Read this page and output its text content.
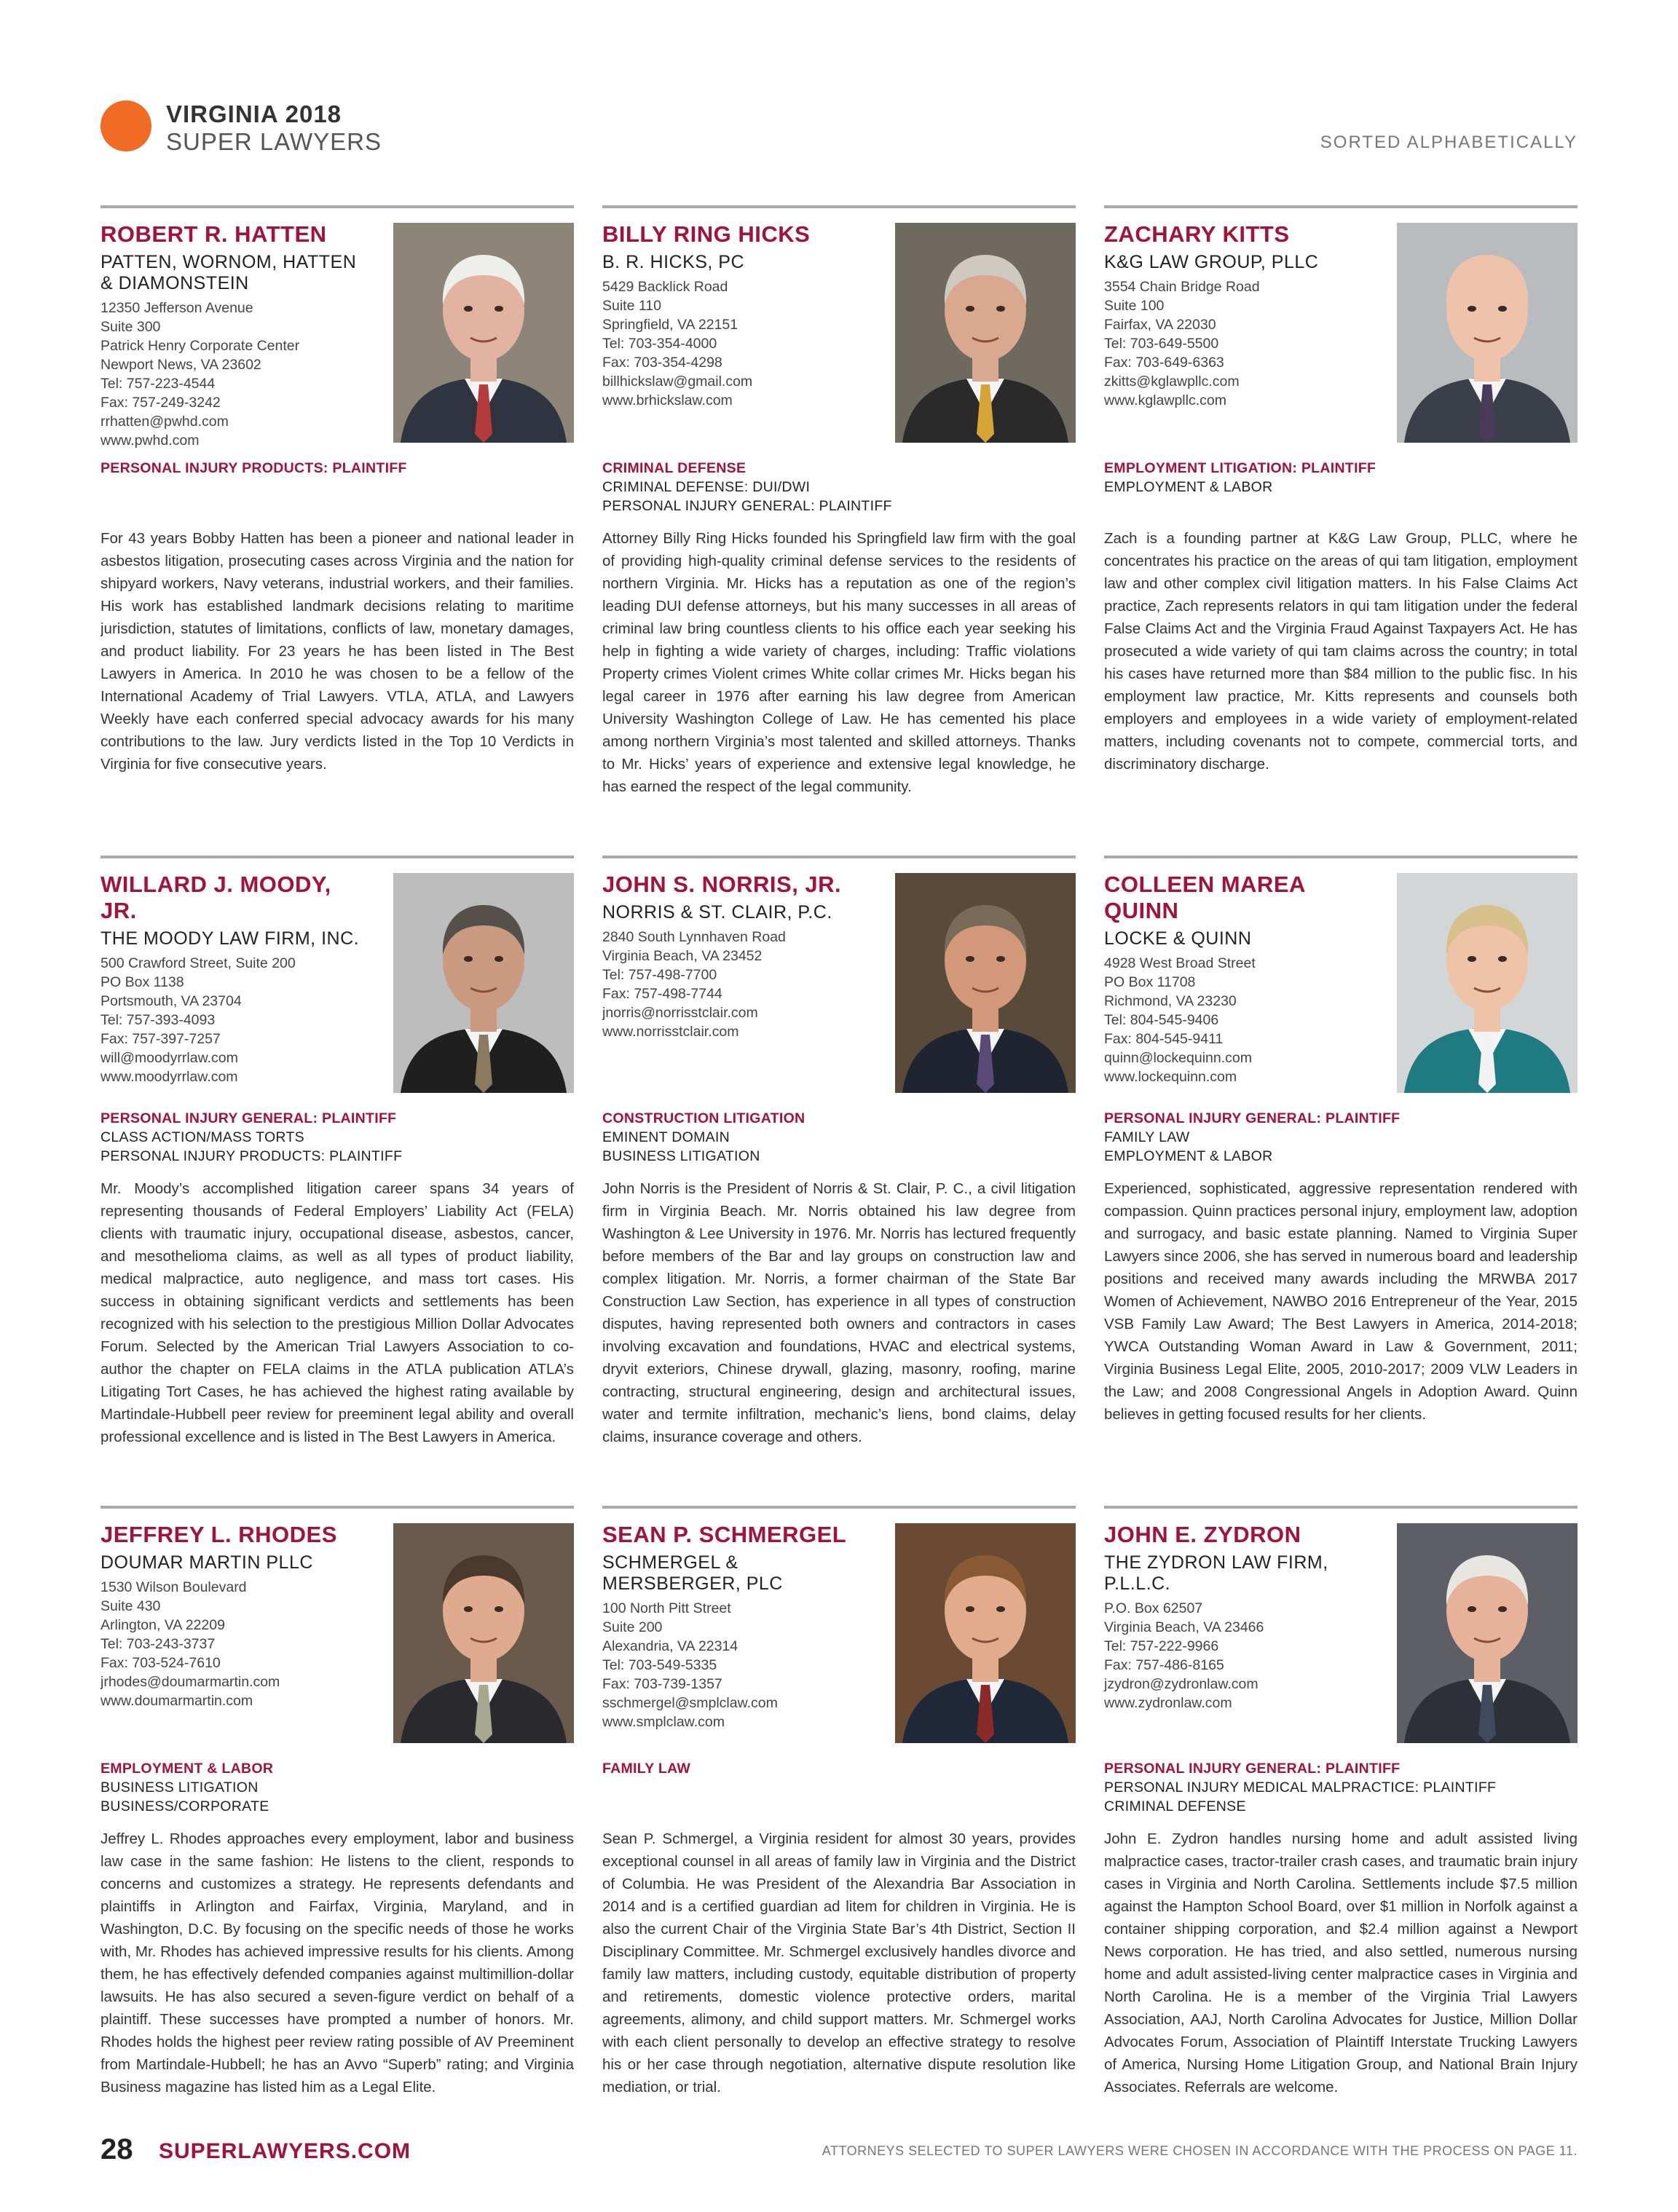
VIRGINIA 2018
SUPER LAWYERS	SORTED ALPHABETICALLY
ROBERT R. HATTEN
PATTEN, WORNOM, HATTEN & DIAMONSTEIN
12350 Jefferson Avenue
Suite 300
Patrick Henry Corporate Center
Newport News, VA 23602
Tel: 757-223-4544
Fax: 757-249-3242
rrhatten@pwhd.com
www.pwhd.com
PERSONAL INJURY PRODUCTS: PLAINTIFF
For 43 years Bobby Hatten has been a pioneer and national leader in asbestos litigation, prosecuting cases across Virginia and the nation for shipyard workers, Navy veterans, industrial workers, and their families. His work has established landmark decisions relating to maritime jurisdiction, statutes of limitations, conflicts of law, monetary damages, and product liability. For 23 years he has been listed in The Best Lawyers in America. In 2010 he was chosen to be a fellow of the International Academy of Trial Lawyers. VTLA, ATLA, and Lawyers Weekly have each conferred special advocacy awards for his many contributions to the law. Jury verdicts listed in the Top 10 Verdicts in Virginia for five consecutive years.
BILLY RING HICKS
B. R. HICKS, PC
5429 Backlick Road
Suite 110
Springfield, VA 22151
Tel: 703-354-4000
Fax: 703-354-4298
billhickslaw@gmail.com
www.brhickslaw.com
CRIMINAL DEFENSE
CRIMINAL DEFENSE: DUI/DWI
PERSONAL INJURY GENERAL: PLAINTIFF
Attorney Billy Ring Hicks founded his Springfield law firm with the goal of providing high-quality criminal defense services to the residents of northern Virginia. Mr. Hicks has a reputation as one of the region’s leading DUI defense attorneys, but his many successes in all areas of criminal law bring countless clients to his office each year seeking his help in fighting a wide variety of charges, including: Traffic violations Property crimes Violent crimes White collar crimes Mr. Hicks began his legal career in 1976 after earning his law degree from American University Washington College of Law. He has cemented his place among northern Virginia’s most talented and skilled attorneys. Thanks to Mr. Hicks’ years of experience and extensive legal knowledge, he has earned the respect of the legal community.
ZACHARY KITTS
K&G LAW GROUP, PLLC
3554 Chain Bridge Road
Suite 100
Fairfax, VA 22030
Tel: 703-649-5500
Fax: 703-649-6363
zkitts@kglawpllc.com
www.kglawpllc.com
EMPLOYMENT LITIGATION: PLAINTIFF
EMPLOYMENT & LABOR
Zach is a founding partner at K&G Law Group, PLLC, where he concentrates his practice on the areas of qui tam litigation, employment law and other complex civil litigation matters. In his False Claims Act practice, Zach represents relators in qui tam litigation under the federal False Claims Act and the Virginia Fraud Against Taxpayers Act. He has prosecuted a wide variety of qui tam claims across the country; in total his cases have returned more than $84 million to the public fisc. In his employment law practice, Mr. Kitts represents and counsels both employers and employees in a wide variety of employment-related matters, including covenants not to compete, commercial torts, and discriminatory discharge.
WILLARD J. MOODY, JR.
THE MOODY LAW FIRM, INC.
500 Crawford Street, Suite 200
PO Box 1138
Portsmouth, VA 23704
Tel: 757-393-4093
Fax: 757-397-7257
will@moodyrrlaw.com
www.moodyrrlaw.com
PERSONAL INJURY GENERAL: PLAINTIFF
CLASS ACTION/MASS TORTS
PERSONAL INJURY PRODUCTS: PLAINTIFF
Mr. Moody’s accomplished litigation career spans 34 years of representing thousands of Federal Employers’ Liability Act (FELA) clients with traumatic injury, occupational disease, asbestos, cancer, and mesothelioma claims, as well as all types of product liability, medical malpractice, auto negligence, and mass tort cases. His success in obtaining significant verdicts and settlements has been recognized with his selection to the prestigious Million Dollar Advocates Forum. Selected by the American Trial Lawyers Association to co-author the chapter on FELA claims in the ATLA publication ATLA’s Litigating Tort Cases, he has achieved the highest rating available by Martindale-Hubbell peer review for preeminent legal ability and overall professional excellence and is listed in The Best Lawyers in America.
JOHN S. NORRIS, JR.
NORRIS & ST. CLAIR, P.C.
2840 South Lynnhaven Road
Virginia Beach, VA 23452
Tel: 757-498-7700
Fax: 757-498-7744
jnorris@norrisstclair.com
www.norrisstclair.com
CONSTRUCTION LITIGATION
EMINENT DOMAIN
BUSINESS LITIGATION
John Norris is the President of Norris & St. Clair, P. C., a civil litigation firm in Virginia Beach. Mr. Norris obtained his law degree from Washington & Lee University in 1976. Mr. Norris has lectured frequently before members of the Bar and lay groups on construction law and complex litigation. Mr. Norris, a former chairman of the State Bar Construction Law Section, has experience in all types of construction disputes, having represented both owners and contractors in cases involving excavation and foundations, HVAC and electrical systems, dryvit exteriors, Chinese drywall, glazing, masonry, roofing, marine contracting, structural engineering, design and architectural issues, water and termite infiltration, mechanic’s liens, bond claims, delay claims, insurance coverage and others.
COLLEEN MAREA QUINN
LOCKE & QUINN
4928 West Broad Street
PO Box 11708
Richmond, VA 23230
Tel: 804-545-9406
Fax: 804-545-9411
quinn@lockequinn.com
www.lockequinn.com
PERSONAL INJURY GENERAL: PLAINTIFF
FAMILY LAW
EMPLOYMENT & LABOR
Experienced, sophisticated, aggressive representation rendered with compassion. Quinn practices personal injury, employment law, adoption and surrogacy, and basic estate planning. Named to Virginia Super Lawyers since 2006, she has served in numerous board and leadership positions and received many awards including the MRWBA 2017 Women of Achievement, NAWBO 2016 Entrepreneur of the Year, 2015 VSB Family Law Award; The Best Lawyers in America, 2014-2018; YWCA Outstanding Woman Award in Law & Government, 2011; Virginia Business Legal Elite, 2005, 2010-2017; 2009 VLW Leaders in the Law; and 2008 Congressional Angels in Adoption Award. Quinn believes in getting focused results for her clients.
JEFFREY L. RHODES
DOUMAR MARTIN PLLC
1530 Wilson Boulevard
Suite 430
Arlington, VA 22209
Tel: 703-243-3737
Fax: 703-524-7610
jrhodes@doumarmartin.com
www.doumarmartin.com
EMPLOYMENT & LABOR
BUSINESS LITIGATION
BUSINESS/CORPORATE
Jeffrey L. Rhodes approaches every employment, labor and business law case in the same fashion: He listens to the client, responds to concerns and customizes a strategy. He represents defendants and plaintiffs in Arlington and Fairfax, Virginia, Maryland, and in Washington, D.C. By focusing on the specific needs of those he works with, Mr. Rhodes has achieved impressive results for his clients. Among them, he has effectively defended companies against multimillion-dollar lawsuits. He has also secured a seven-figure verdict on behalf of a plaintiff. These successes have prompted a number of honors. Mr. Rhodes holds the highest peer review rating possible of AV Preeminent from Martindale-Hubbell; he has an Avvo “Superb” rating; and Virginia Business magazine has listed him as a Legal Elite.
SEAN P. SCHMERGEL
SCHMERGEL & MERSBERGER, PLC
100 North Pitt Street
Suite 200
Alexandria, VA 22314
Tel: 703-549-5335
Fax: 703-739-1357
sschmergel@smplclaw.com
www.smplclaw.com
FAMILY LAW
Sean P. Schmergel, a Virginia resident for almost 30 years, provides exceptional counsel in all areas of family law in Virginia and the District of Columbia. He was President of the Alexandria Bar Association in 2014 and is a certified guardian ad litem for children in Virginia. He is also the current Chair of the Virginia State Bar’s 4th District, Section II Disciplinary Committee. Mr. Schmergel exclusively handles divorce and family law matters, including custody, equitable distribution of property and retirements, domestic violence protective orders, marital agreements, alimony, and child support matters. Mr. Schmergel works with each client personally to develop an effective strategy to resolve his or her case through negotiation, alternative dispute resolution like mediation, or trial.
JOHN E. ZYDRON
THE ZYDRON LAW FIRM, P.L.L.C.
P.O. Box 62507
Virginia Beach, VA 23466
Tel: 757-222-9966
Fax: 757-486-8165
jzydron@zydronlaw.com
www.zydronlaw.com
PERSONAL INJURY GENERAL: PLAINTIFF
PERSONAL INJURY MEDICAL MALPRACTICE: PLAINTIFF
CRIMINAL DEFENSE
John E. Zydron handles nursing home and adult assisted living malpractice cases, tractor-trailer crash cases, and traumatic brain injury cases in Virginia and North Carolina. Settlements include $7.5 million against the Hampton School Board, over $1 million in Norfolk against a container shipping corporation, and $2.4 million against a Newport News corporation. He has tried, and also settled, numerous nursing home and adult assisted-living center malpractice cases in Virginia and North Carolina. He is a member of the Virginia Trial Lawyers Association, AAJ, North Carolina Advocates for Justice, Million Dollar Advocates Forum, Association of Plaintiff Interstate Trucking Lawyers of America, Nursing Home Litigation Group, and National Brain Injury Associates. Referrals are welcome.
28 SUPERLAWYERS.COM	ATTORNEYS SELECTED TO SUPER LAWYERS WERE CHOSEN IN ACCORDANCE WITH THE PROCESS ON PAGE 11.
